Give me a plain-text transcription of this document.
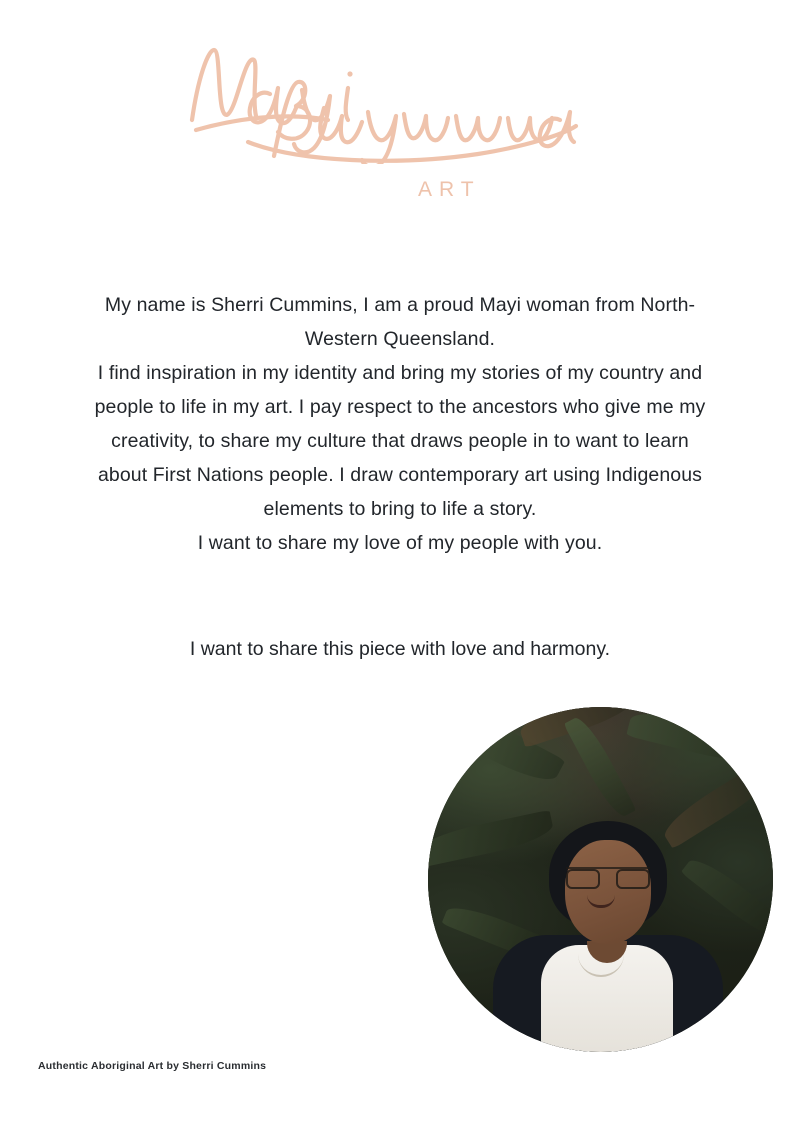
ART

My name is Sherri Cummins, I am a proud Mayi woman from North-

Western Queensland.

I find inspiration in my identity and bring my stories of my country and

people to life in my art. I pay respect to the ancestors who give me my

creativity, to share my culture that draws people in to want to learn

about First Nations people. I draw contemporary art using Indigenous

elements to bring to life a story.

I want to share my love of my people with you.

I want to share this piece with love and harmony.
Authentic Aboriginal Art by Sherri Cummins
